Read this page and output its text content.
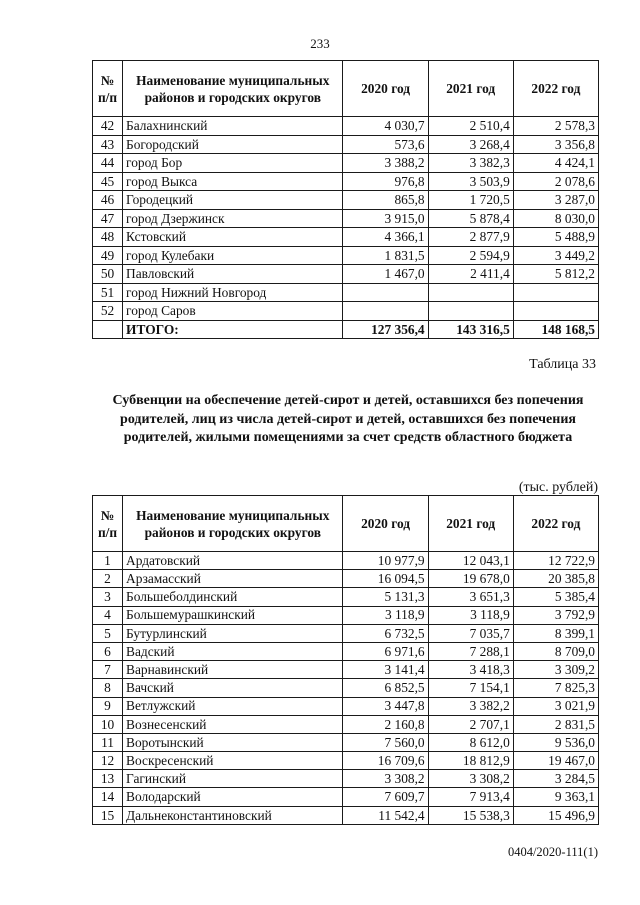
233
№ п/п	Наименование муниципальных районов и городских округов	2020 год	2021 год	2022 год
42	Балахнинский	4 030,7	2 510,4	2 578,3
43	Богородский	573,6	3 268,4	3 356,8
44	город Бор	3 388,2	3 382,3	4 424,1
45	город Выкса	976,8	3 503,9	2 078,6
46	Городецкий	865,8	1 720,5	3 287,0
47	город Дзержинск	3 915,0	5 878,4	8 030,0
48	Кстовский	4 366,1	2 877,9	5 488,9
49	город Кулебаки	1 831,5	2 594,9	3 449,2
50	Павловский	1 467,0	2 411,4	5 812,2
51	город Нижний Новгород			
52	город Саров			
	ИТОГО:	127 356,4	143 316,5	148 168,5
Таблица 33
Субвенции на обеспечение детей-сирот и детей, оставшихся без попечения родителей, лиц из числа детей-сирот и детей, оставшихся без попечения родителей, жилыми помещениями за счет средств областного бюджета
(тыс. рублей)
№ п/п	Наименование муниципальных районов и городских округов	2020 год	2021 год	2022 год
1	Ардатовский	10 977,9	12 043,1	12 722,9
2	Арзамасский	16 094,5	19 678,0	20 385,8
3	Большеболдинский	5 131,3	3 651,3	5 385,4
4	Большемурашкинский	3 118,9	3 118,9	3 792,9
5	Бутурлинский	6 732,5	7 035,7	8 399,1
6	Вадский	6 971,6	7 288,1	8 709,0
7	Варнавинский	3 141,4	3 418,3	3 309,2
8	Вачский	6 852,5	7 154,1	7 825,3
9	Ветлужский	3 447,8	3 382,2	3 021,9
10	Вознесенский	2 160,8	2 707,1	2 831,5
11	Воротынский	7 560,0	8 612,0	9 536,0
12	Воскресенский	16 709,6	18 812,9	19 467,0
13	Гагинский	3 308,2	3 308,2	3 284,5
14	Володарский	7 609,7	7 913,4	9 363,1
15	Дальнеконстантиновский	11 542,4	15 538,3	15 496,9
0404/2020-111(1)
